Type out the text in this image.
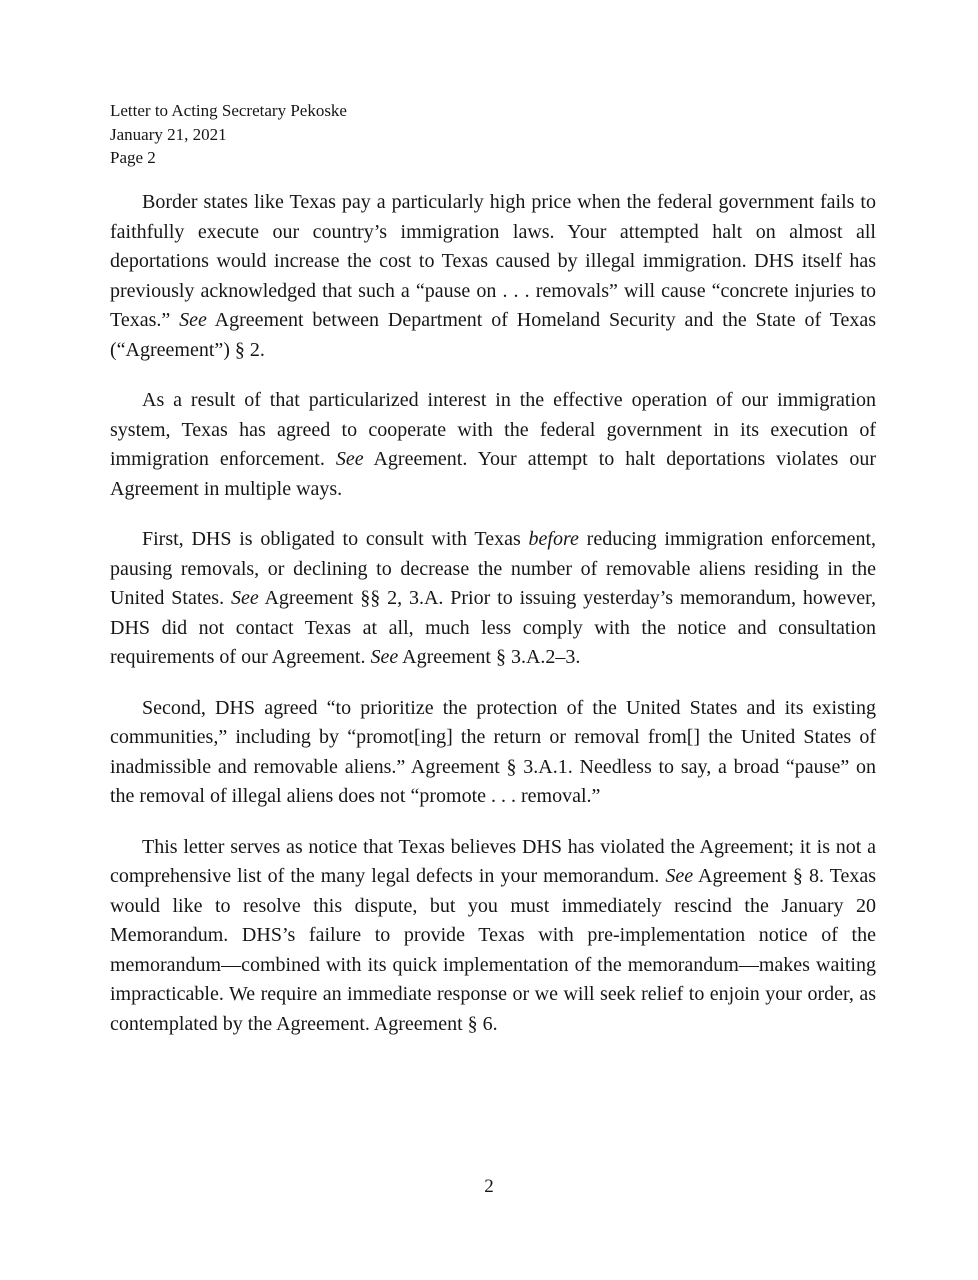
Letter to Acting Secretary Pekoske
January 21, 2021
Page 2

Border states like Texas pay a particularly high price when the federal government fails to faithfully execute our country’s immigration laws. Your attempted halt on almost all deportations would increase the cost to Texas caused by illegal immigration. DHS itself has previously acknowledged that such a “pause on . . . removals” will cause “concrete injuries to Texas.” See Agreement between Department of Homeland Security and the State of Texas (“Agreement”) § 2.

As a result of that particularized interest in the effective operation of our immigration system, Texas has agreed to cooperate with the federal government in its execution of immigration enforcement. See Agreement. Your attempt to halt deportations violates our Agreement in multiple ways.

First, DHS is obligated to consult with Texas before reducing immigration enforcement, pausing removals, or declining to decrease the number of removable aliens residing in the United States. See Agreement §§ 2, 3.A. Prior to issuing yesterday’s memorandum, however, DHS did not contact Texas at all, much less comply with the notice and consultation requirements of our Agreement. See Agreement § 3.A.2–3.

Second, DHS agreed “to prioritize the protection of the United States and its existing communities,” including by “promot[ing] the return or removal from[] the United States of inadmissible and removable aliens.” Agreement § 3.A.1. Needless to say, a broad “pause” on the removal of illegal aliens does not “promote . . . removal.”

This letter serves as notice that Texas believes DHS has violated the Agreement; it is not a comprehensive list of the many legal defects in your memorandum. See Agreement § 8. Texas would like to resolve this dispute, but you must immediately rescind the January 20 Memorandum. DHS’s failure to provide Texas with pre-implementation notice of the memorandum—combined with its quick implementation of the memorandum—makes waiting impracticable. We require an immediate response or we will seek relief to enjoin your order, as contemplated by the Agreement. Agreement § 6.

2
